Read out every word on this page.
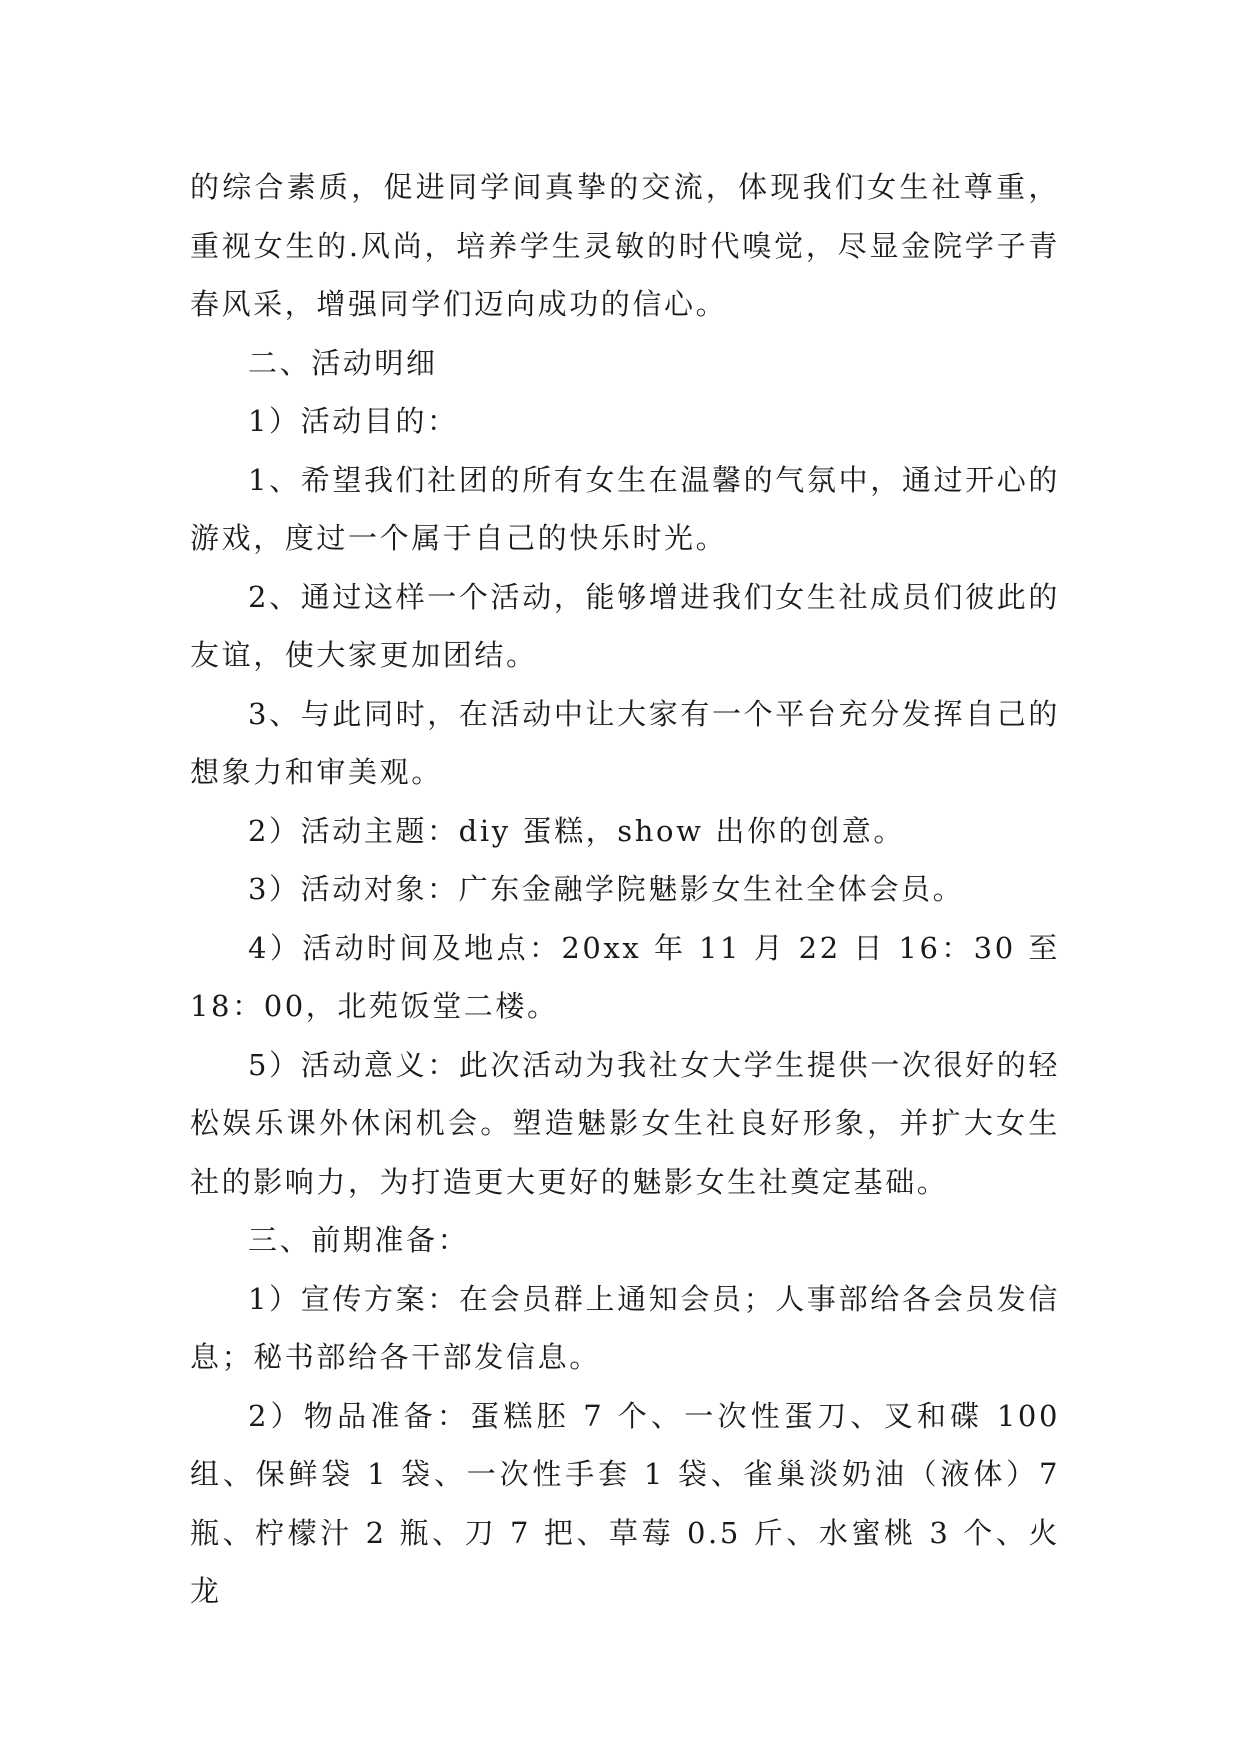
的综合素质，促进同学间真挚的交流，体现我们女生社尊重，重视女生的.风尚，培养学生灵敏的时代嗅觉，尽显金院学子青春风采，增强同学们迈向成功的信心。

二、活动明细

1）活动目的：

1、希望我们社团的所有女生在温馨的气氛中，通过开心的游戏，度过一个属于自己的快乐时光。

2、通过这样一个活动，能够增进我们女生社成员们彼此的友谊，使大家更加团结。

3、与此同时，在活动中让大家有一个平台充分发挥自己的想象力和审美观。

2）活动主题：diy 蛋糕，show 出你的创意。

3）活动对象：广东金融学院魅影女生社全体会员。

4）活动时间及地点：20xx 年 11 月 22 日 16：30 至 18：00，北苑饭堂二楼。

5）活动意义：此次活动为我社女大学生提供一次很好的轻松娱乐课外休闲机会。塑造魅影女生社良好形象，并扩大女生社的影响力，为打造更大更好的魅影女生社奠定基础。

三、前期准备：

1）宣传方案：在会员群上通知会员；人事部给各会员发信息；秘书部给各干部发信息。

2）物品准备：蛋糕胚 7 个、一次性蛋刀、叉和碟 100 组、保鲜袋 1 袋、一次性手套 1 袋、雀巢淡奶油（液体）7 瓶、柠檬汁 2 瓶、刀 7 把、草莓 0.5 斤、水蜜桃 3 个、火龙
